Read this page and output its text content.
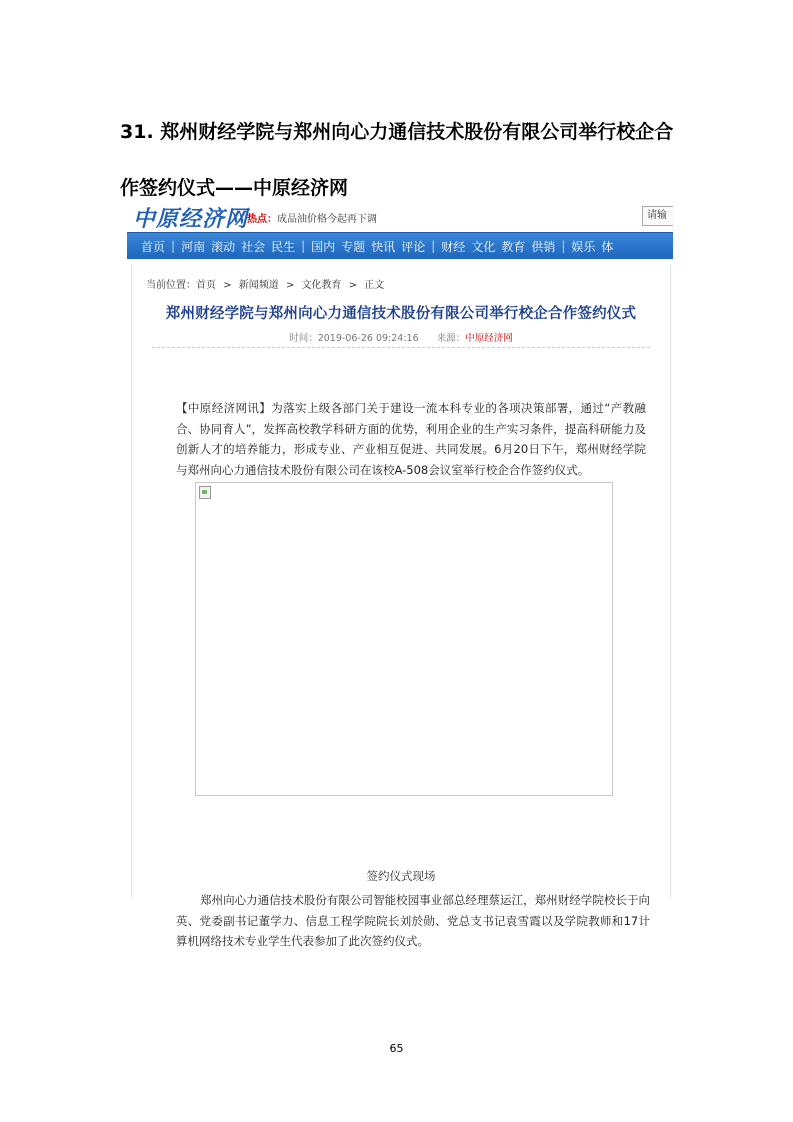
31. 郑州财经学院与郑州向心力通信技术股份有限公司举行校企合作签约仪式——中原经济网
中原经济网
热点： 成品油价格今起再下调	请输
首页 | 河南 滚动 社会 民生 | 国内 专题 快讯 评论 | 财经 文化 教育 供销 | 娱乐 体
当前位置：首页 > 新闻频道 > 文化教育 > 正文
郑州财经学院与郑州向心力通信技术股份有限公司举行校企合作签约仪式
时间：2019-06-26 09:24:16 来源：中原经济网

【中原经济网讯】为落实上级各部门关于建设一流本科专业的各项决策部署，通过“产教融合、协同育人”，发挥高校教学科研方面的优势，利用企业的生产实习条件，提高科研能力及创新人才的培养能力，形成专业、产业相互促进、共同发展。6月20日下午，郑州财经学院与郑州向心力通信技术股份有限公司在该校A-508会议室举行校企合作签约仪式。

签约仪式现场

郑州向心力通信技术股份有限公司智能校园事业部总经理蔡运江，郑州财经学院校长于向英、党委副书记董学力、信息工程学院院长刘於勋、党总支书记袁雪霞以及学院教师和17计算机网络技术专业学生代表参加了此次签约仪式。

65
